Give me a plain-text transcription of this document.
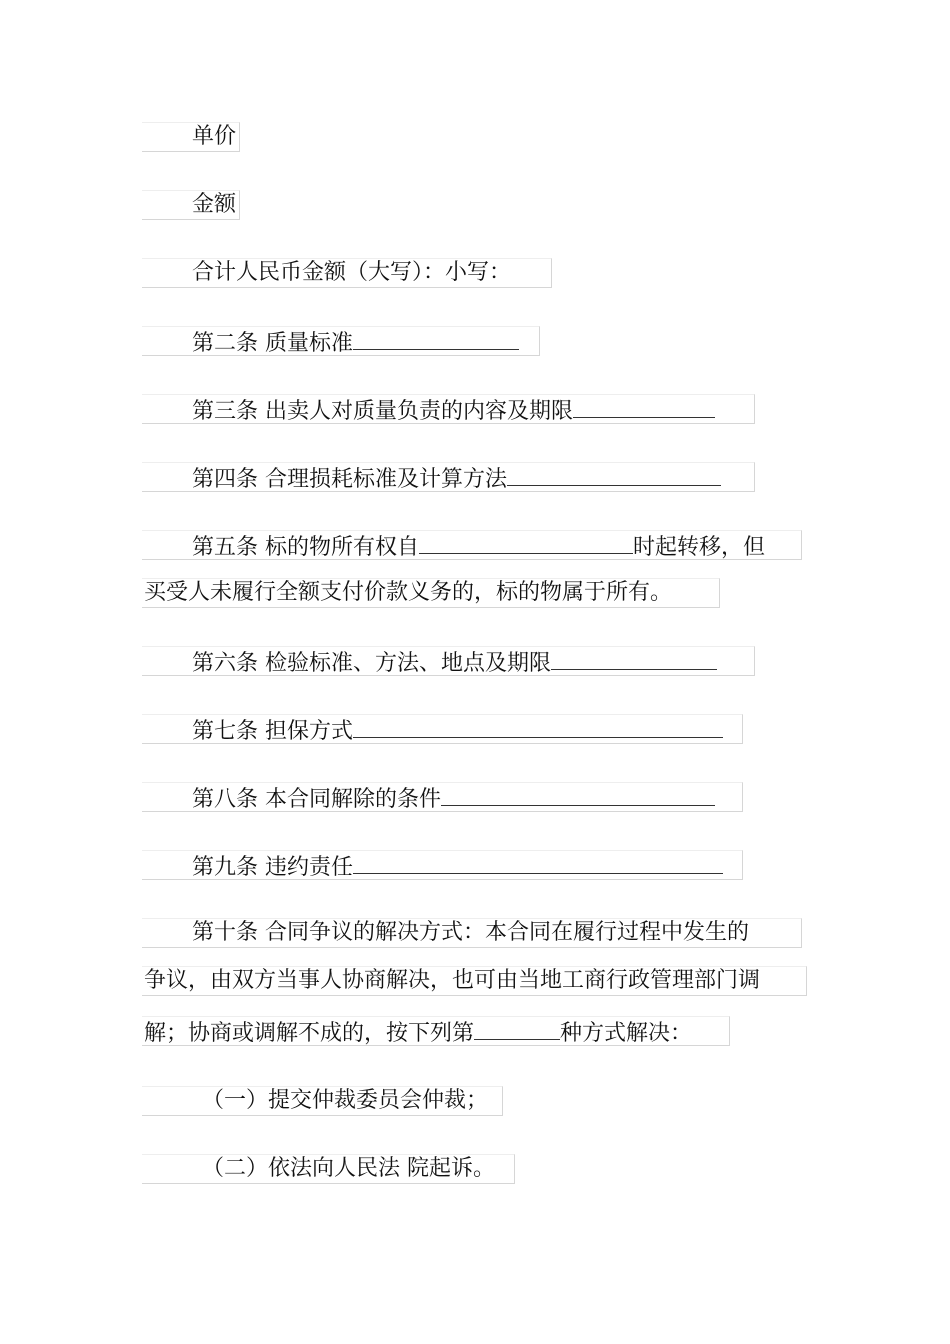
单价
金额
合计人民币金额（大写）：小写：
第二条 质量标准
第三条 出卖人对质量负责的内容及期限
第四条 合理损耗标准及计算方法
第五条 标的物所有权自	时起转移，但
买受人未履行全额支付价款义务的，标的物属于所有。
第六条 检验标准、方法、地点及期限
第七条 担保方式
第八条 本合同解除的条件
第九条 违约责任
第十条 合同争议的解决方式：本合同在履行过程中发生的
争议，由双方当事人协商解决，也可由当地工商行政管理部门调
解；协商或调解不成的，按下列第	种方式解决：
（一）提交仲裁委员会仲裁；
（二）依法向人民法 院起诉。
